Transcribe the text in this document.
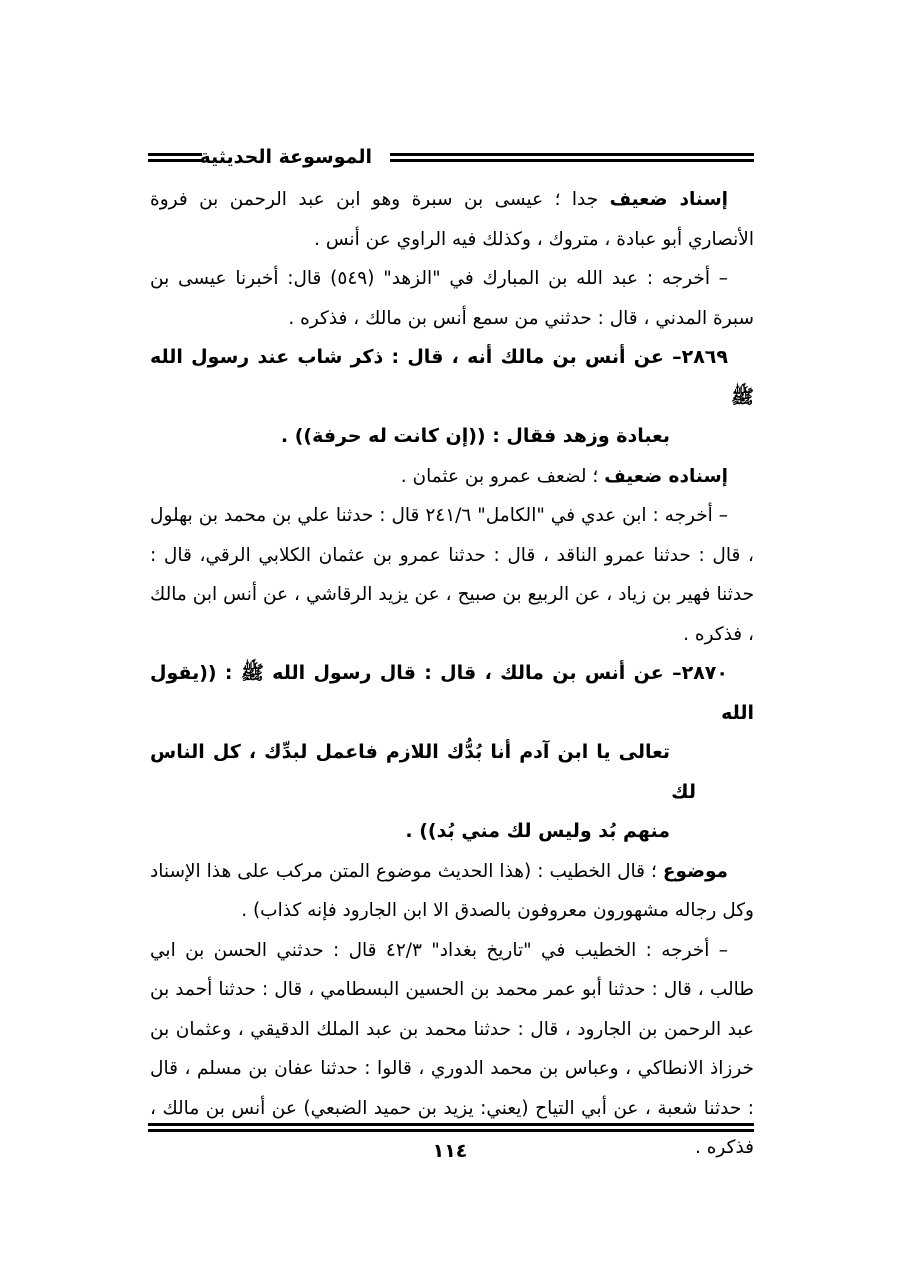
الموسوعة الحديثية

إسناد ضعيف جدا ؛ عيسى بن سبرة وهو ابن عبد الرحمن بن فروة الأنصاري أبو عبادة ، متروك ، وكذلك فيه الراوي عن أنس .

– أخرجه : عبد الله بن المبارك في "الزهد" (٥٤٩) قال: أخبرنا عيسى بن سبرة المدني ، قال : حدثني من سمع أنس بن مالك ، فذكره .

٢٨٦٩– عن أنس بن مالك أنه ، قال : ذكر شاب عند رسول الله ﷺ
بعبادة وزهد فقال : ((إن كانت له حرفة)) .

إسناده ضعيف ؛ لضعف عمرو بن عثمان .

– أخرجه : ابن عدي في "الكامل" ٢٤١/٦ قال : حدثنا علي بن محمد بن بهلول ، قال : حدثنا عمرو الناقد ، قال : حدثنا عمرو بن عثمان الكلابي الرقي، قال : حدثنا فهير بن زياد ، عن الربيع بن صبيح ، عن يزيد الرقاشي ، عن أنس ابن مالك ، فذكره .

٢٨٧٠– عن أنس بن مالك ، قال : قال رسول الله ﷺ : ((يقول الله
تعالى يا ابن آدم أنا بُدُّك اللازم فاعمل لبدِّك ، كل الناس لك
منهم بُد وليس لك مني بُد)) .

موضوع ؛ قال الخطيب : (هذا الحديث موضوع المتن مركب على هذا الإسناد وكل رجاله مشهورون معروفون بالصدق الا ابن الجارود فإنه كذاب) .

– أخرجه : الخطيب في "تاريخ بغداد" ٤٢/٣ قال : حدثني الحسن بن ابي طالب ، قال : حدثنا أبو عمر محمد بن الحسين البسطامي ، قال : حدثنا أحمد بن عبد الرحمن بن الجارود ، قال : حدثنا محمد بن عبد الملك الدقيقي ، وعثمان بن خرزاذ الانطاكي ، وعباس بن محمد الدوري ، قالوا : حدثنا عفان بن مسلم ، قال : حدثنا شعبة ، عن أبي التياح (يعني: يزيد بن حميد الضبعي) عن أنس بن مالك ، فذكره .

١١٤
